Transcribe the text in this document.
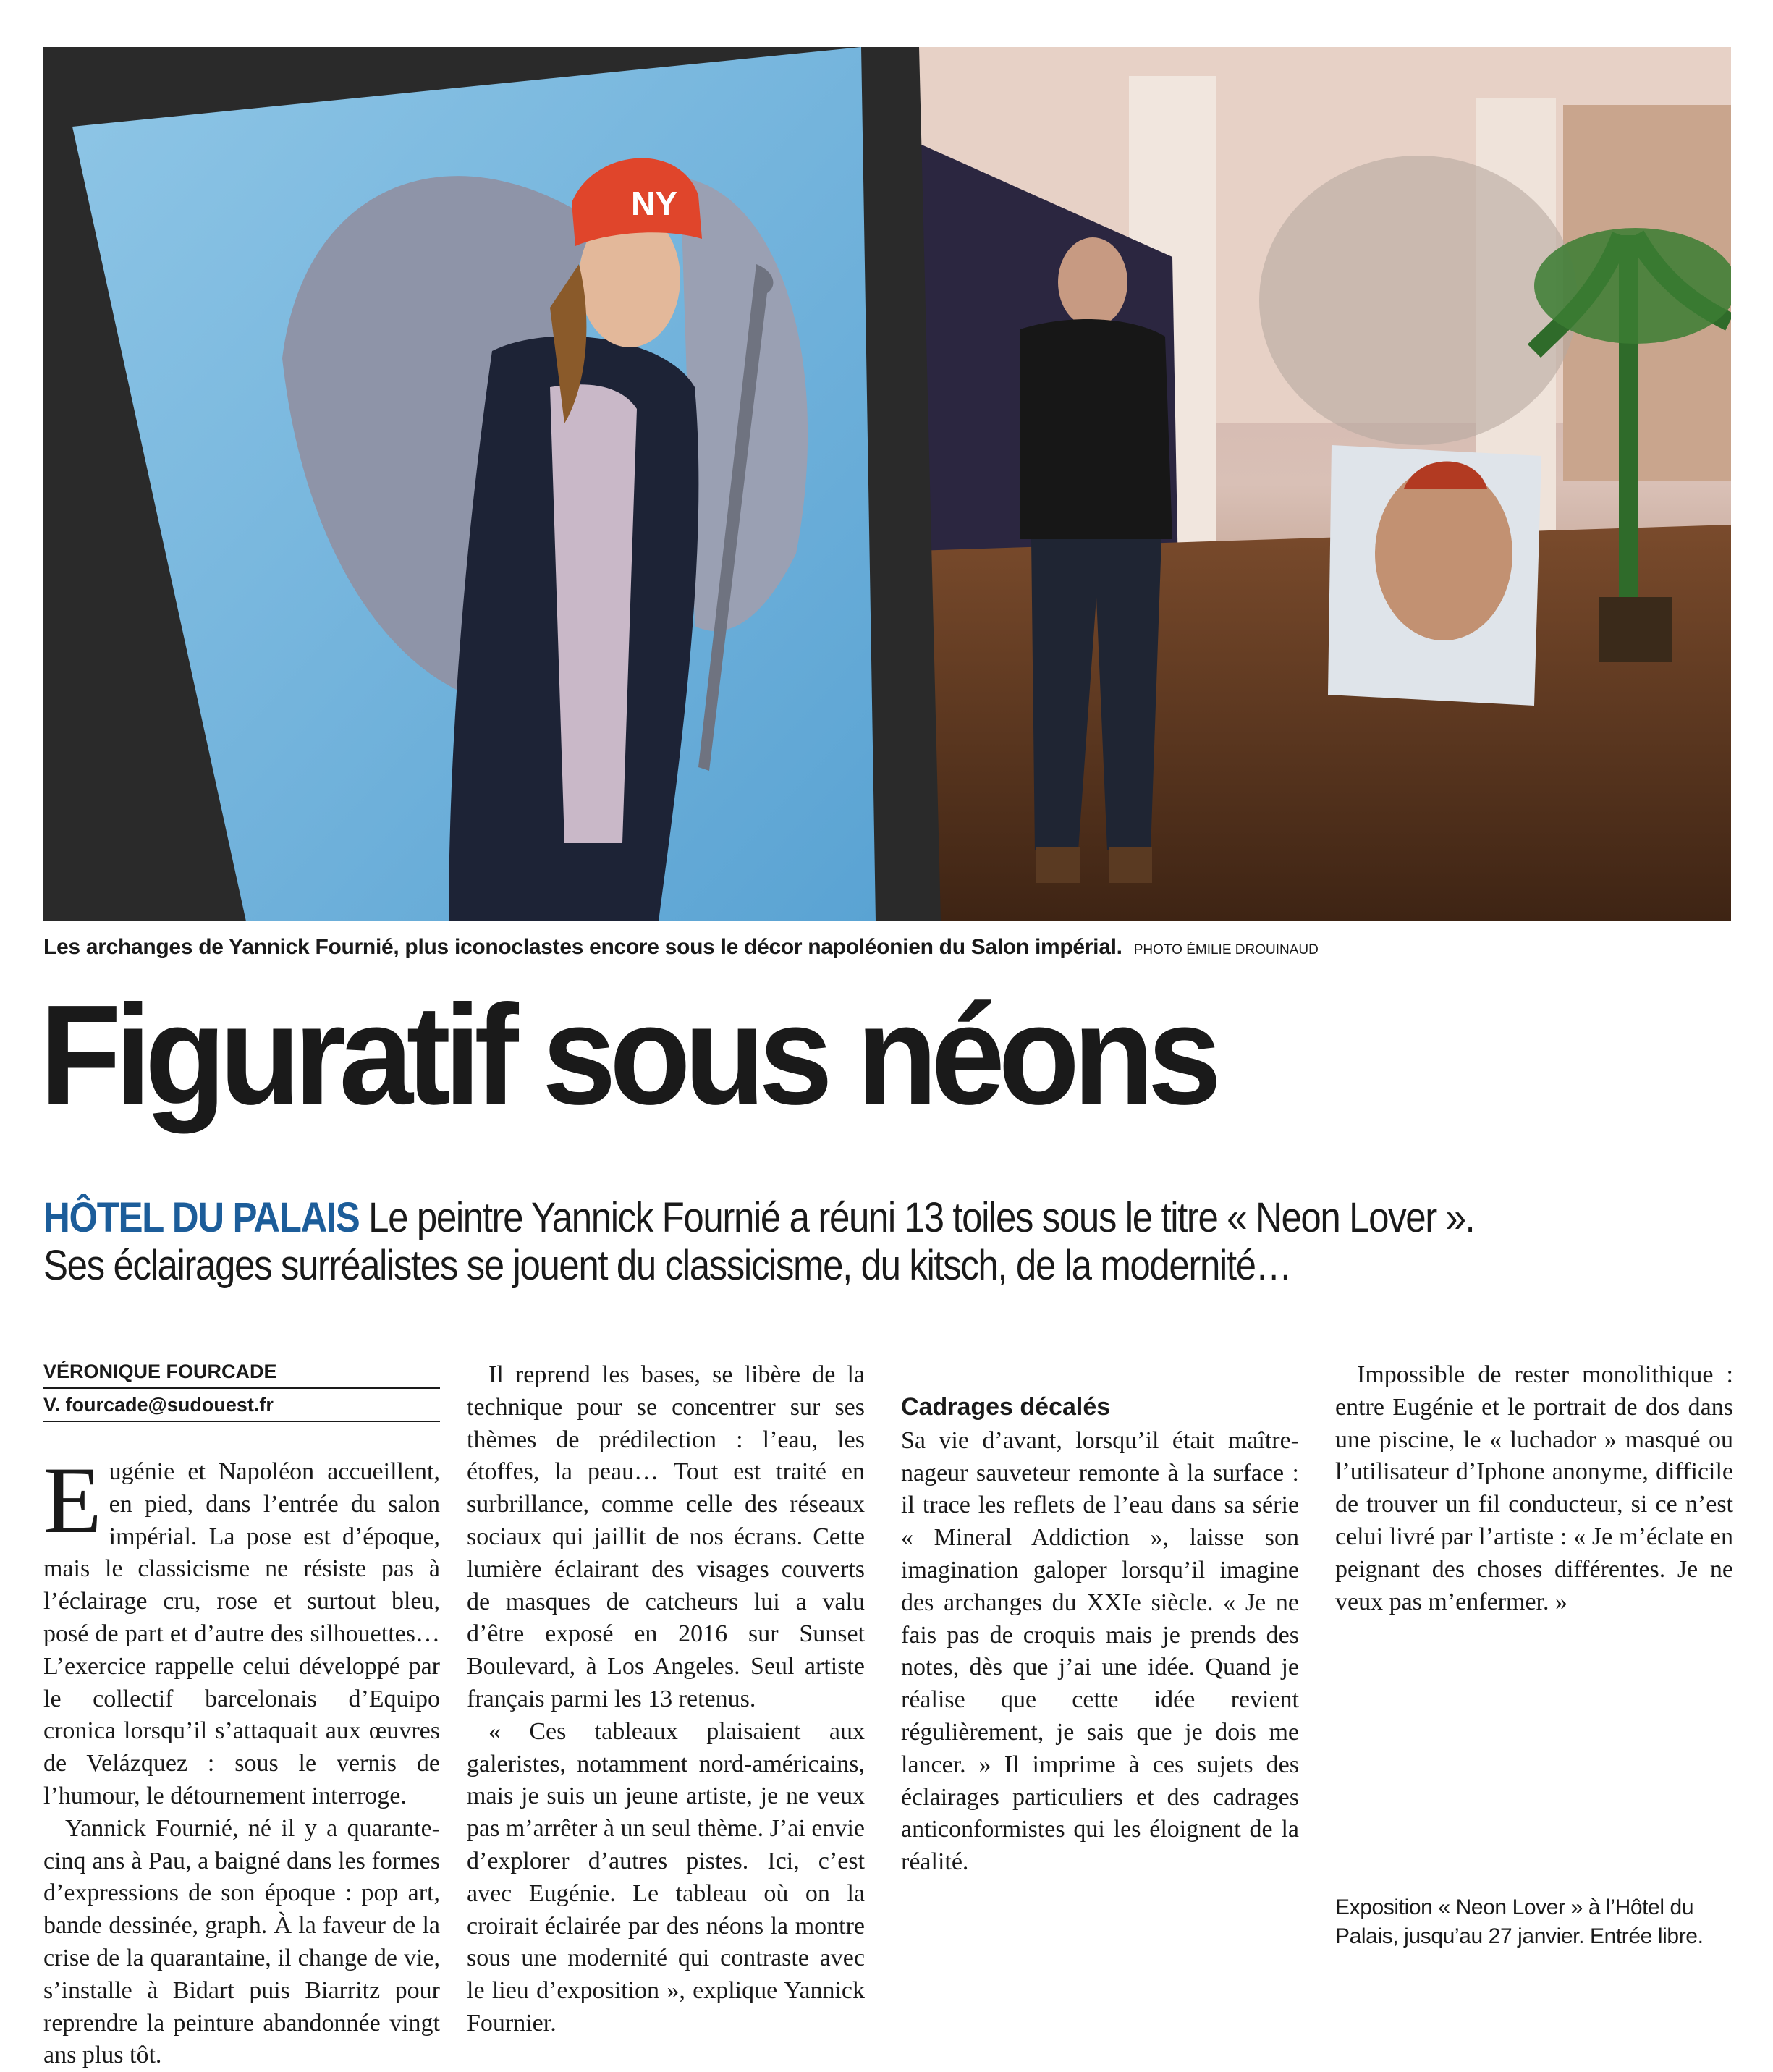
NY
Les archanges de Yannick Fournié, plus iconoclastes encore sous le décor napoléonien du Salon impérial. PHOTO ÉMILIE DROUINAUD
Figuratif sous néons
HÔTEL DU PALAIS Le peintre Yannick Fournié a réuni 13 toiles sous le titre « Neon Lover ».
Ses éclairages surréalistes se jouent du classicisme, du kitsch, de la modernité…
VÉRONIQUE FOURCADE
V. fourcade@sudouest.fr

Eugénie et Napoléon accueillent, en pied, dans l’entrée du salon impérial. La pose est d’époque, mais le classicisme ne résiste pas à l’éclairage cru, rose et surtout bleu, posé de part et d’autre des silhouettes… L’exercice rappelle celui développé par le collectif barcelonais d’Equipo cronica lorsqu’il s’attaquait aux œuvres de Velázquez : sous le vernis de l’humour, le détournement interroge.

Yannick Fournié, né il y a quarante-cinq ans à Pau, a baigné dans les formes d’expressions de son époque : pop art, bande dessinée, graph. À la faveur de la crise de la quarantaine, il change de vie, s’installe à Bidart puis Biarritz pour reprendre la peinture abandonnée vingt ans plus tôt.

Il reprend les bases, se libère de la technique pour se concentrer sur ses thèmes de prédilection : l’eau, les étoffes, la peau… Tout est traité en surbrillance, comme celle des réseaux sociaux qui jaillit de nos écrans. Cette lumière éclairant des visages couverts de masques de catcheurs lui a valu d’être exposé en 2016 sur Sunset Boulevard, à Los Angeles. Seul artiste français parmi les 13 retenus.

« Ces tableaux plaisaient aux galeristes, notamment nord-américains, mais je suis un jeune artiste, je ne veux pas m’arrêter à un seul thème. J’ai envie d’explorer d’autres pistes. Ici, c’est avec Eugénie. Le tableau où on la croirait éclairée par des néons la montre sous une modernité qui contraste avec le lieu d’exposition », explique Yannick Fournier.

Cadrages décalés

Sa vie d’avant, lorsqu’il était maître-nageur sauveteur remonte à la surface : il trace les reflets de l’eau dans sa série « Mineral Addiction », laisse son imagination galoper lorsqu’il imagine des archanges du XXIe siècle. « Je ne fais pas de croquis mais je prends des notes, dès que j’ai une idée. Quand je réalise que cette idée revient régulièrement, je sais que je dois me lancer. » Il imprime à ces sujets des éclairages particuliers et des cadrages anticonformistes qui les éloignent de la réalité.

Impossible de rester monolithique : entre Eugénie et le portrait de dos dans une piscine, le « luchador » masqué ou l’utilisateur d’Iphone anonyme, difficile de trouver un fil conducteur, si ce n’est celui livré par l’artiste : « Je m’éclate en peignant des choses différentes. Je ne veux pas m’enfermer. »

Exposition « Neon Lover » à l’Hôtel du Palais, jusqu’au 27 janvier. Entrée libre.
